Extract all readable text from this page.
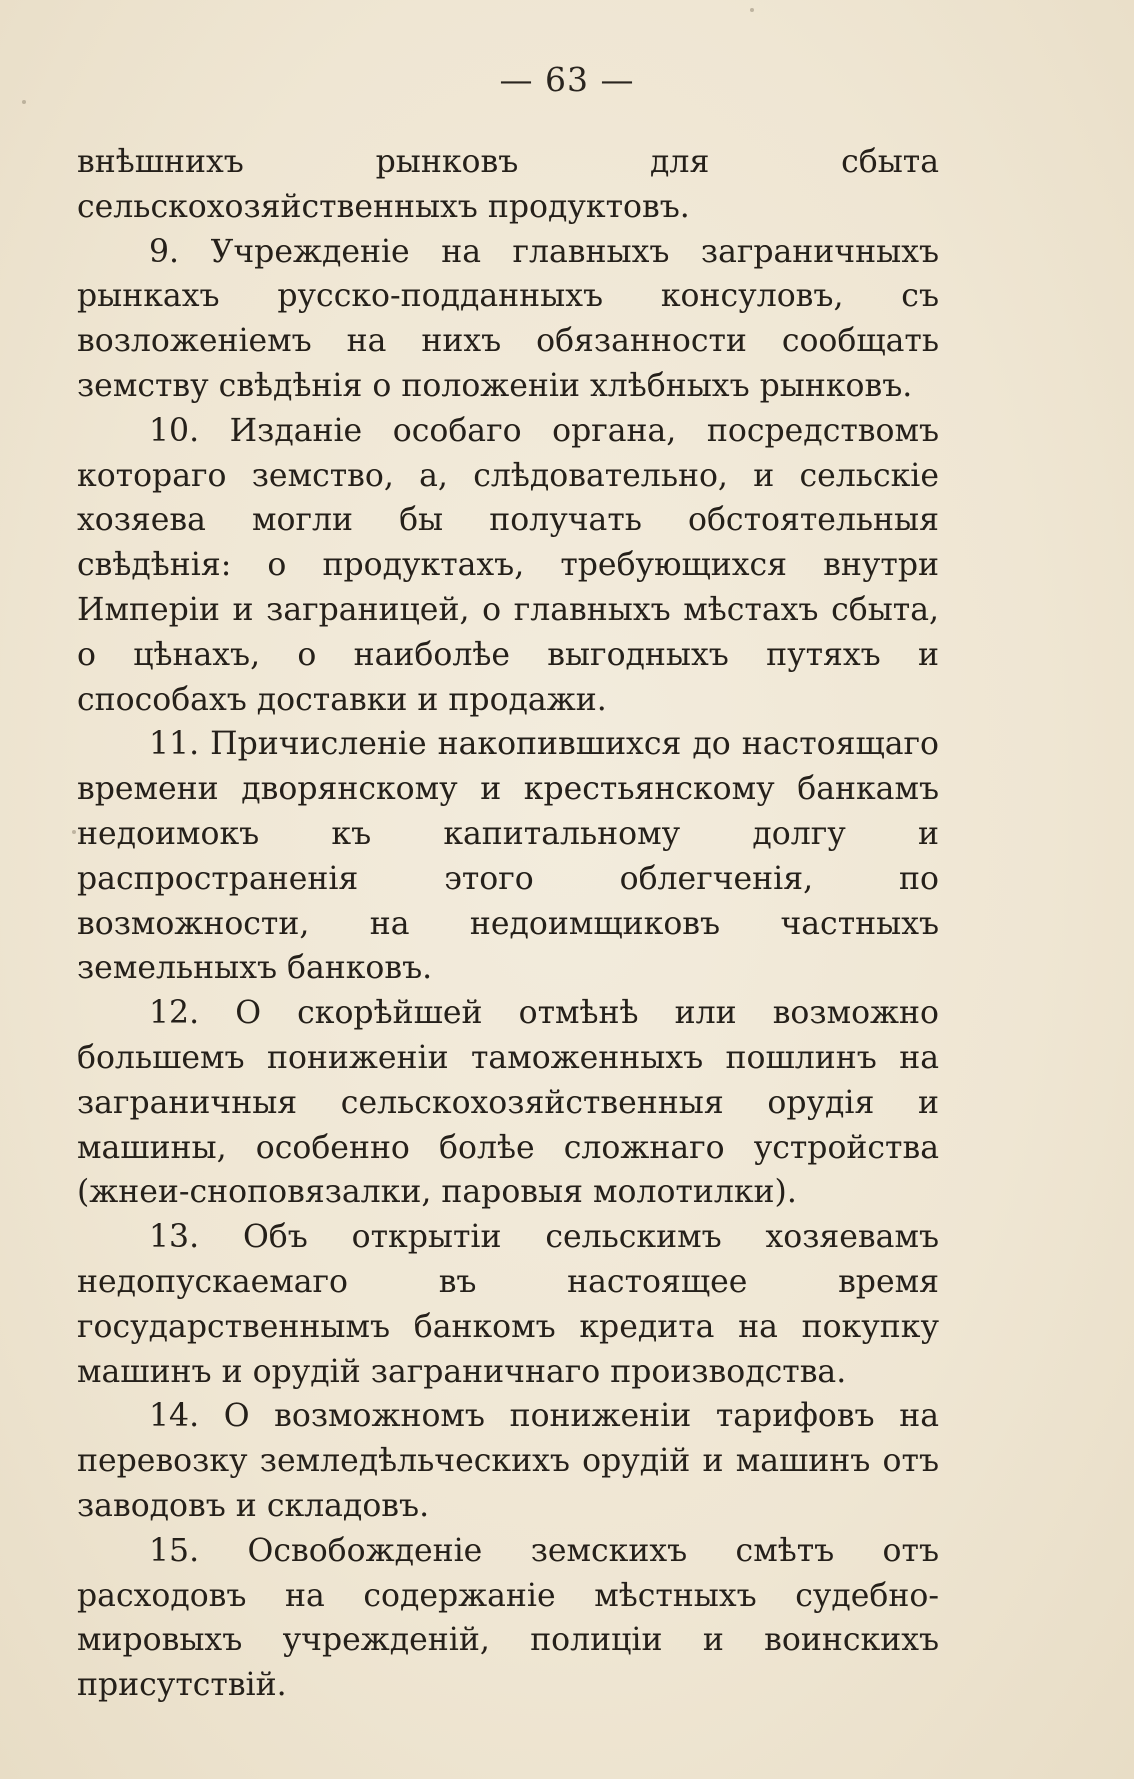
— 63 —

внѣшнихъ рынковъ для сбыта сельскохозяйственныхъ продуктовъ.

9. Учрежденіе на главныхъ заграничныхъ рынкахъ русско-подданныхъ консуловъ, съ возложеніемъ на нихъ обязанности сообщать земству свѣдѣнія о положеніи хлѣбныхъ рынковъ.

10. Изданіе особаго органа, посредствомъ котораго земство, а, слѣдовательно, и сельскіе хозяева могли бы получать обстоятельныя свѣдѣнія: о продуктахъ, требующихся внутри Имперіи и заграницей, о главныхъ мѣстахъ сбыта, о цѣнахъ, о наиболѣе выгодныхъ путяхъ и способахъ доставки и продажи.

11. Причисленіе накопившихся до настоящаго времени дворянскому и крестьянскому банкамъ недоимокъ къ капитальному долгу и распространенія этого облегченія, по возможности, на недоимщиковъ частныхъ земельныхъ банковъ.

12. О скорѣйшей отмѣнѣ или возможно большемъ пониженіи таможенныхъ пошлинъ на заграничныя сельскохозяйственныя орудія и машины, особенно болѣе сложнаго устройства (жнеи-сноповязалки, паровыя молотилки).

13. Объ открытіи сельскимъ хозяевамъ недопускаемаго въ настоящее время государственнымъ банкомъ кредита на покупку машинъ и орудій заграничнаго производства.

14. О возможномъ пониженіи тарифовъ на перевозку земледѣльческихъ орудій и машинъ отъ заводовъ и складовъ.

15. Освобожденіе земскихъ смѣтъ отъ расходовъ на содержаніе мѣстныхъ судебно-мировыхъ учрежденій, полиціи и воинскихъ присутствій.
